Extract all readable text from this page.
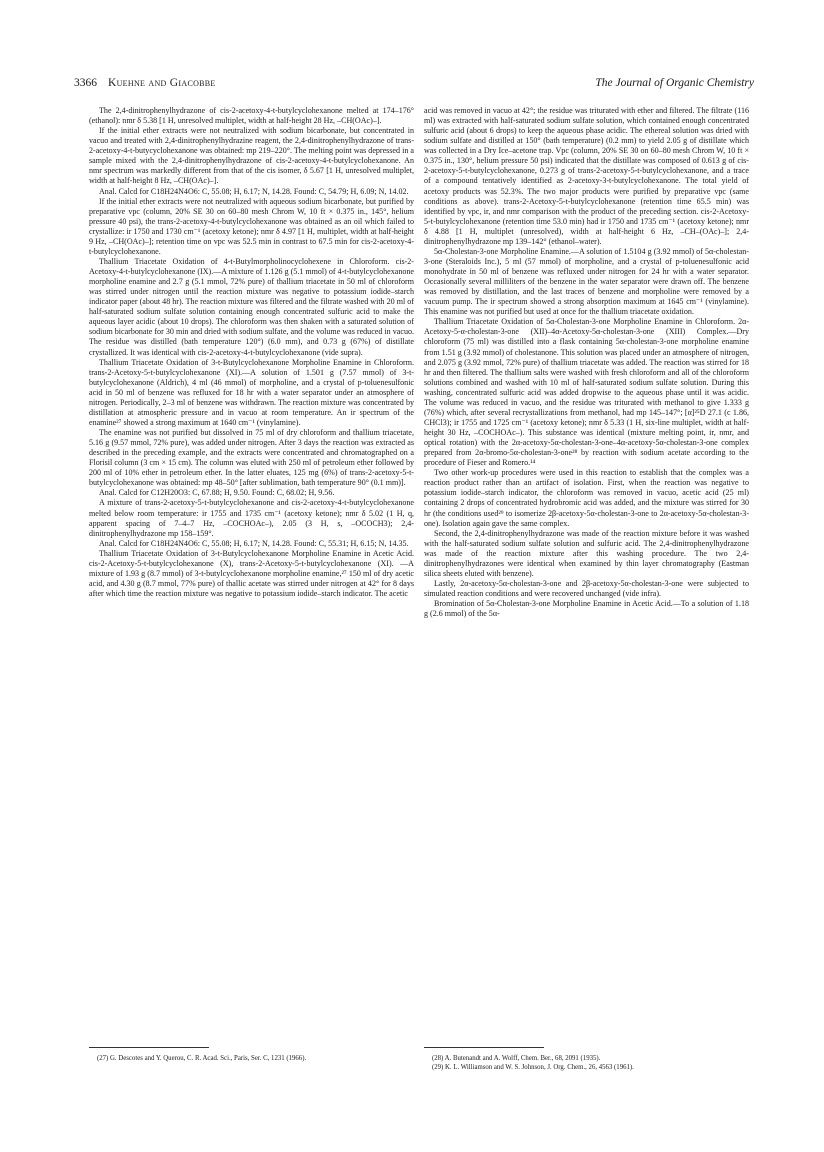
3366 Kuehne and Giacobbe	The Journal of Organic Chemistry

The 2,4-dinitrophenylhydrazone of cis-2-acetoxy-4-t-butylcyclohexanone melted at 174–176° (ethanol): nmr δ 5.38 [1 H, unresolved multiplet, width at half-height 28 Hz, –CH(OAc)–].

If the initial ether extracts were not neutralized with sodium bicarbonate, but concentrated in vacuo and treated with 2,4-dinitrophenylhydrazine reagent, the 2,4-dinitrophenylhydrazone of trans-2-acetoxy-4-t-butycyclohexanone was obtained: mp 219–220°. The melting point was depressed in a sample mixed with the 2,4-dinitrophenylhydrazone of cis-2-acetoxy-4-t-butylcyclohexanone. An nmr spectrum was markedly different from that of the cis isomer, δ 5.67 [1 H, unresolved multiplet, width at half-height 8 Hz, –CH(OAc)–].

Anal. Calcd for C18H24N4O6: C, 55.08; H, 6.17; N, 14.28. Found: C, 54.79; H, 6.09; N, 14.02.

If the initial ether extracts were not neutralized with aqueous sodium bicarbonate, but purified by preparative vpc (column, 20% SE 30 on 60–80 mesh Chrom W, 10 ft × 0.375 in., 145°, helium pressure 40 psi), the trans-2-acetoxy-4-t-butylcyclohexanone was obtained as an oil which failed to crystallize: ir 1750 and 1730 cm⁻¹ (acetoxy ketone); nmr δ 4.97 [1 H, multiplet, width at half-height 9 Hz, –CH(OAc)–]; retention time on vpc was 52.5 min in contrast to 67.5 min for cis-2-acetoxy-4-t-butylcyclohexanone.

Thallium Triacetate Oxidation of 4-t-Butylmorpholinocyclohexene in Chloroform. cis-2-Acetoxy-4-t-butylcyclohexanone (IX).—A mixture of 1.126 g (5.1 mmol) of 4-t-butylcyclohexanone morpholine enamine and 2.7 g (5.1 mmol, 72% pure) of thallium triacetate in 50 ml of chloroform was stirred under nitrogen until the reaction mixture was negative to potassium iodide–starch indicator paper (about 48 hr). The reaction mixture was filtered and the filtrate washed with 20 ml of half-saturated sodium sulfate solution containing enough concentrated sulfuric acid to make the aqueous layer acidic (about 10 drops). The chloroform was then shaken with a saturated solution of sodium bicarbonate for 30 min and dried with sodium sulfate, and the volume was reduced in vacuo. The residue was distilled (bath temperature 120°) (6.0 mm), and 0.73 g (67%) of distillate crystallized. It was identical with cis-2-acetoxy-4-t-butylcyclohexanone (vide supra).

Thallium Triacetate Oxidation of 3-t-Butylcyclohexanone Morpholine Enamine in Chloroform. trans-2-Acetoxy-5-t-butylcyclohexanone (XI).—A solution of 1.501 g (7.57 mmol) of 3-t-butylcyclohexanone (Aldrich), 4 ml (46 mmol) of morpholine, and a crystal of p-toluenesulfonic acid in 50 ml of benzene was refluxed for 18 hr with a water separator under an atmosphere of nitrogen. Periodically, 2–3 ml of benzene was withdrawn. The reaction mixture was concentrated by distillation at atmospheric pressure and in vacuo at room temperature. An ir spectrum of the enamine²⁷ showed a strong maximum at 1640 cm⁻¹ (vinylamine).

The enamine was not purified but dissolved in 75 ml of dry chloroform and thallium triacetate, 5.16 g (9.57 mmol, 72% pure), was added under nitrogen. After 3 days the reaction was extracted as described in the preceding example, and the extracts were concentrated and chromatographed on a Florisil column (3 cm × 15 cm). The column was eluted with 250 ml of petroleum ether followed by 200 ml of 10% ether in petroleum ether. In the latter eluates, 125 mg (6%) of trans-2-acetoxy-5-t-butylcyclohexanone was obtained: mp 48–50° [after sublimation, bath temperature 90° (0.1 mm)].

Anal. Calcd for C12H20O3: C, 67.88; H, 9.50. Found: C, 68.02; H, 9.56.

A mixture of trans-2-acetoxy-5-t-butylcyclohexanone and cis-2-acetoxy-4-t-butylcyclohexanone melted below room temperature: ir 1755 and 1735 cm⁻¹ (acetoxy ketone); nmr δ 5.02 (1 H, q, apparent spacing of 7–4–7 Hz, –COCHOAc–), 2.05 (3 H, s, –OCOCH3); 2,4-dinitrophenylhydrazone mp 158–159°.

Anal. Calcd for C18H24N4O6: C, 55.08; H, 6.17; N, 14.28. Found: C, 55.31; H, 6.15; N, 14.35.

Thallium Triacetate Oxidation of 3-t-Butylcyclohexanone Morpholine Enamine in Acetic Acid. cis-2-Acetoxy-5-t-butylcyclohexanone (X), trans-2-Acetoxy-5-t-butylcyclohexanone (XI). —A mixture of 1.93 g (8.7 mmol) of 3-t-butylcyclohexanone morpholine enamine,²⁷ 150 ml of dry acetic acid, and 4.30 g (8.7 mmol, 77% pure) of thallic acetate was stirred under nitrogen at 42° for 8 days after which time the reaction mixture was negative to potassium iodide–starch indicator. The acetic

acid was removed in vacuo at 42°; the residue was triturated with ether and filtered. The filtrate (116 ml) was extracted with half-saturated sodium sulfate solution, which contained enough concentrated sulfuric acid (about 6 drops) to keep the aqueous phase acidic. The ethereal solution was dried with sodium sulfate and distilled at 150° (bath temperature) (0.2 mm) to yield 2.05 g of distillate which was collected in a Dry Ice–acetone trap. Vpc (column, 20% SE 30 on 60–80 mesh Chrom W, 10 ft × 0.375 in., 130°, helium pressure 50 psi) indicated that the distillate was composed of 0.613 g of cis-2-acetoxy-5-t-butylcyclohexanone, 0.273 g of trans-2-acetoxy-5-t-butylcyclohexanone, and a trace of a compound tentatively identified as 2-acetoxy-3-t-butylcyclohexanone. The total yield of acetoxy products was 52.3%. The two major products were purified by preparative vpc (same conditions as above). trans-2-Acetoxy-5-t-butylcyclohexanone (retention time 65.5 min) was identified by vpc, ir, and nmr comparison with the product of the preceding section. cis-2-Acetoxy-5-t-butylcyclohexanone (retention time 53.0 min) had ir 1750 and 1735 cm⁻¹ (acetoxy ketone); nmr δ 4.88 [1 H, multiplet (unresolved), width at half-height 6 Hz, –CH–(OAc)–]; 2,4-dinitrophenylhydrazone mp 139–142° (ethanol–water).

5α-Cholestan-3-one Morpholine Enamine.—A solution of 1.5104 g (3.92 mmol) of 5α-cholestan-3-one (Steraloids Inc.), 5 ml (57 mmol) of morpholine, and a crystal of p-toluenesulfonic acid monohydrate in 50 ml of benzene was refluxed under nitrogen for 24 hr with a water separator. Occasionally several milliliters of the benzene in the water separator were drawn off. The benzene was removed by distillation, and the last traces of benzene and morpholine were removed by a vacuum pump. The ir spectrum showed a strong absorption maximum at 1645 cm⁻¹ (vinylamine). This enamine was not purified but used at once for the thallium triacetate oxidation.

Thallium Triacetate Oxidation of 5α-Cholestan-3-one Morpholine Enamine in Chloroform. 2α-Acetoxy-5-α-cholestan-3-one (XII)–4α-Acetoxy-5α-cholestan-3-one (XIII) Complex.—Dry chloroform (75 ml) was distilled into a flask containing 5α-cholestan-3-one morpholine enamine from 1.51 g (3.92 mmol) of cholestanone. This solution was placed under an atmosphere of nitrogen, and 2.075 g (3.92 mmol, 72% pure) of thallium triacetate was added. The reaction was stirred for 18 hr and then filtered. The thallium salts were washed with fresh chloroform and all of the chloroform solutions combined and washed with 10 ml of half-saturated sodium sulfate solution. During this washing, concentrated sulfuric acid was added dropwise to the aqueous phase until it was acidic. The volume was reduced in vacuo, and the residue was triturated with methanol to give 1.333 g (76%) which, after several recrystallizations from methanol, had mp 145–147°; [α]²⁵D 27.1 (c 1.86, CHCl3); ir 1755 and 1725 cm⁻¹ (acetoxy ketone); nmr δ 5.33 (1 H, six-line multiplet, width at half-height 30 Hz, –COCHOAc–). This substance was identical (mixture melting point, ir, nmr, and optical rotation) with the 2α-acetoxy-5α-cholestan-3-one–4α-acetoxy-5α-cholestan-3-one complex prepared from 2α-bromo-5α-cholestan-3-one²⁸ by reaction with sodium acetate according to the procedure of Fieser and Romero.¹⁴

Two other work-up procedures were used in this reaction to establish that the complex was a reaction product rather than an artifact of isolation. First, when the reaction was negative to potassium iodide–starch indicator, the chloroform was removed in vacuo, acetic acid (25 ml) containing 2 drops of concentrated hydrobromic acid was added, and the mixture was stirred for 30 hr (the conditions used²⁹ to isomerize 2β-acetoxy-5α-cholestan-3-one to 2α-acetoxy-5α-cholestan-3-one). Isolation again gave the same complex.

Second, the 2,4-dinitrophenylhydrazone was made of the reaction mixture before it was washed with the half-saturated sodium sulfate solution and sulfuric acid. The 2,4-dinitrophenylhydrazone was made of the reaction mixture after this washing procedure. The two 2,4-dinitrophenylhydrazones were identical when examined by thin layer chromatography (Eastman silica sheets eluted with benzene).

Lastly, 2α-acetoxy-5α-cholestan-3-one and 2β-acetoxy-5α-cholestan-3-one were subjected to simulated reaction conditions and were recovered unchanged (vide infra).

Bromination of 5α-Cholestan-3-one Morpholine Enamine in Acetic Acid.—To a solution of 1.18 g (2.6 mmol) of the 5α-

(27) G. Descotes and Y. Querou, C. R. Acad. Sci., Paris, Ser. C, 1231 (1966).	(28) A. Butenandt and A. Wolff, Chem. Ber., 68, 2091 (1935).

(29) K. L. Williamson and W. S. Johnson, J. Org. Chem., 26, 4563 (1961).
